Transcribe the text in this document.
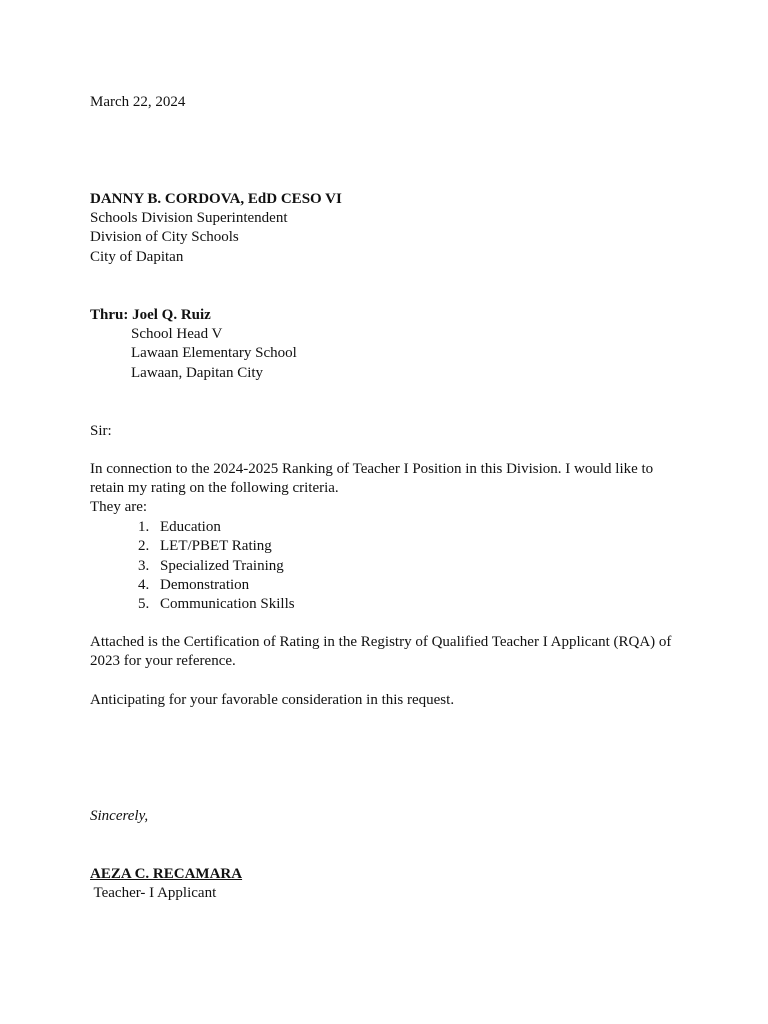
March 22, 2024
DANNY B. CORDOVA, EdD CESO VI
Schools Division Superintendent
Division of City Schools
City of Dapitan
Thru: Joel Q. Ruiz
School Head V
Lawaan Elementary School
Lawaan, Dapitan City
Sir:
In connection to the 2024-2025 Ranking of Teacher I Position in this Division. I would like to
retain my rating on the following criteria.
They are:
1. Education
2. LET/PBET Rating
3. Specialized Training
4. Demonstration
5. Communication Skills
Attached is the Certification of Rating in the Registry of Qualified Teacher I Applicant (RQA) of
2023 for your reference.
Anticipating for your favorable consideration in this request.
Sincerely,
AEZA C. RECAMARA
Teacher- I Applicant
